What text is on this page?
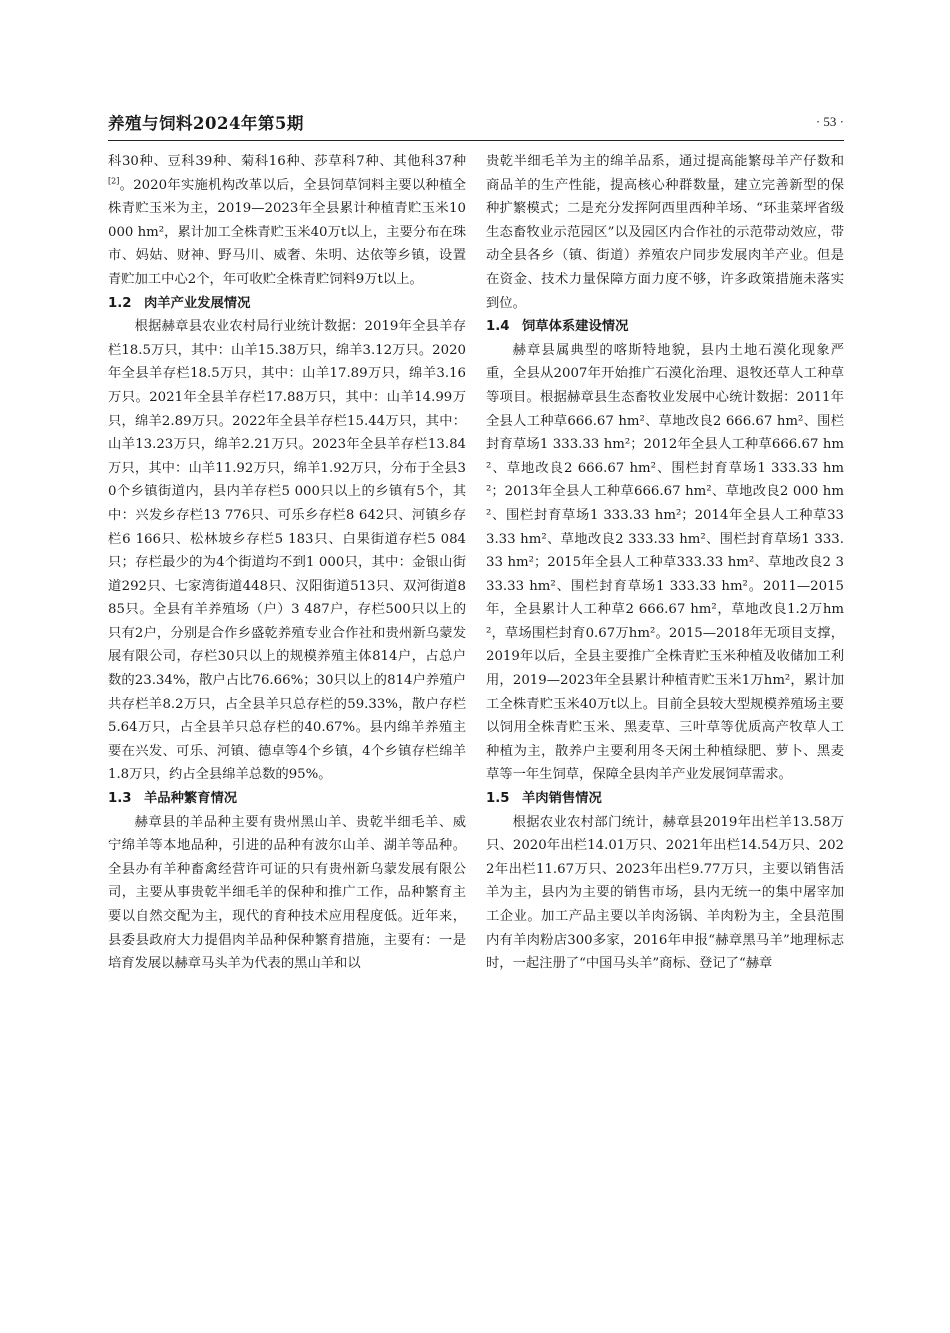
养殖与饲料2024年第5期	· 53 ·

科30种、豆科39种、菊科16种、莎草科7种、其他科37种[2]。2020年实施机构改革以后，全县饲草饲料主要以种植全株青贮玉米为主，2019—2023年全县累计种植青贮玉米10 000 hm²，累计加工全株青贮玉米40万t以上，主要分布在珠市、妈姑、财神、野马川、威奢、朱明、达依等乡镇，设置青贮加工中心2个，年可收贮全株青贮饲料9万t以上。

1.2 肉羊产业发展情况

根据赫章县农业农村局行业统计数据：2019年全县羊存栏18.5万只，其中：山羊15.38万只，绵羊3.12万只。2020年全县羊存栏18.5万只，其中：山羊17.89万只，绵羊3.16万只。2021年全县羊存栏17.88万只，其中：山羊14.99万只，绵羊2.89万只。2022年全县羊存栏15.44万只，其中：山羊13.23万只，绵羊2.21万只。2023年全县羊存栏13.84万只，其中：山羊11.92万只，绵羊1.92万只，分布于全县30个乡镇街道内，县内羊存栏5 000只以上的乡镇有5个，其中：兴发乡存栏13 776只、可乐乡存栏8 642只、河镇乡存栏6 166只、松林坡乡存栏5 183只、白果街道存栏5 084只；存栏最少的为4个街道均不到1 000只，其中：金银山街道292只、七家湾街道448只、汉阳街道513只、双河街道885只。全县有羊养殖场（户）3 487户，存栏500只以上的只有2户，分别是合作乡盛乾养殖专业合作社和贵州新乌蒙发展有限公司，存栏30只以上的规模养殖主体814户，占总户数的23.34%，散户占比76.66%；30只以上的814户养殖户共存栏羊8.2万只，占全县羊只总存栏的59.33%，散户存栏5.64万只，占全县羊只总存栏的40.67%。县内绵羊养殖主要在兴发、可乐、河镇、德卓等4个乡镇，4个乡镇存栏绵羊1.8万只，约占全县绵羊总数的95%。

1.3 羊品种繁育情况

赫章县的羊品种主要有贵州黑山羊、贵乾半细毛羊、威宁绵羊等本地品种，引进的品种有波尔山羊、湖羊等品种。全县办有羊种畜禽经营许可证的只有贵州新乌蒙发展有限公司，主要从事贵乾半细毛羊的保种和推广工作，品种繁育主要以自然交配为主，现代的育种技术应用程度低。近年来，县委县政府大力提倡肉羊品种保种繁育措施，主要有：一是培育发展以赫章马头羊为代表的黑山羊和以

贵乾半细毛羊为主的绵羊品系，通过提高能繁母羊产仔数和商品羊的生产性能，提高核心种群数量，建立完善新型的保种扩繁模式；二是充分发挥阿西里西种羊场、“环韭菜坪省级生态畜牧业示范园区”以及园区内合作社的示范带动效应，带动全县各乡（镇、街道）养殖农户同步发展肉羊产业。但是在资金、技术力量保障方面力度不够，许多政策措施未落实到位。

1.4 饲草体系建设情况

赫章县属典型的喀斯特地貌，县内土地石漠化现象严重，全县从2007年开始推广石漠化治理、退牧还草人工种草等项目。根据赫章县生态畜牧业发展中心统计数据：2011年全县人工种草666.67 hm²、草地改良2 666.67 hm²、围栏封育草场1 333.33 hm²；2012年全县人工种草666.67 hm²、草地改良2 666.67 hm²、围栏封育草场1 333.33 hm²；2013年全县人工种草666.67 hm²、草地改良2 000 hm²、围栏封育草场1 333.33 hm²；2014年全县人工种草333.33 hm²、草地改良2 333.33 hm²、围栏封育草场1 333.33 hm²；2015年全县人工种草333.33 hm²、草地改良2 333.33 hm²、围栏封育草场1 333.33 hm²。2011—2015年，全县累计人工种草2 666.67 hm²，草地改良1.2万hm²，草场围栏封育0.67万hm²。2015—2018年无项目支撑，2019年以后，全县主要推广全株青贮玉米种植及收储加工利用，2019—2023年全县累计种植青贮玉米1万hm²，累计加工全株青贮玉米40万t以上。目前全县较大型规模养殖场主要以饲用全株青贮玉米、黑麦草、三叶草等优质高产牧草人工种植为主，散养户主要利用冬天闲土种植绿肥、萝卜、黑麦草等一年生饲草，保障全县肉羊产业发展饲草需求。

1.5 羊肉销售情况

根据农业农村部门统计，赫章县2019年出栏羊13.58万只、2020年出栏14.01万只、2021年出栏14.54万只、2022年出栏11.67万只、2023年出栏9.77万只，主要以销售活羊为主，县内为主要的销售市场，县内无统一的集中屠宰加工企业。加工产品主要以羊肉汤锅、羊肉粉为主，全县范围内有羊肉粉店300多家，2016年申报“赫章黑马羊”地理标志时，一起注册了“中国马头羊”商标、登记了“赫章
